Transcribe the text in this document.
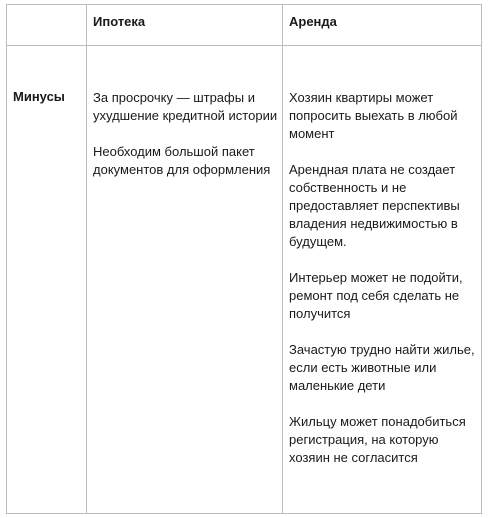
Ипотека	Аренда
Минусы	За просрочку — штрафы и ухудшение кредитной истории

Необходим большой пакет документов для оформления

Хозяин квартиры может попросить выехать в любой момент

Арендная плата не создает собственность и не предоставляет перспективы владения недвижимостью в будущем.

Интерьер может не подойти, ремонт под себя сделать не получится

Зачастую трудно найти жилье, если есть животные или маленькие дети

Жильцу может понадобиться регистрация, на которую хозяин не согласится
